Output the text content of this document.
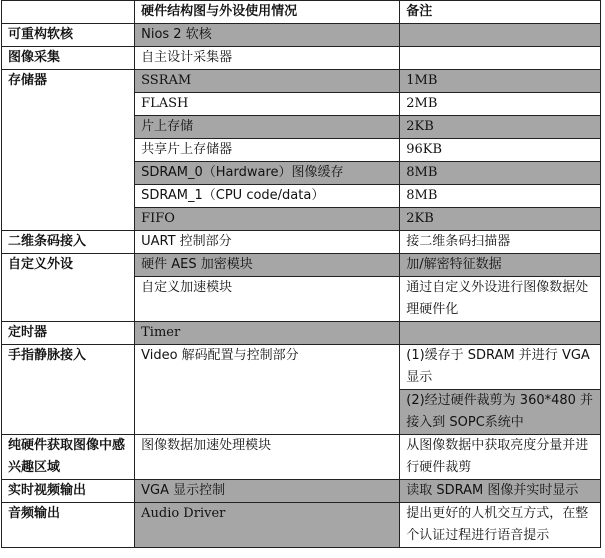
	硬件结构图与外设使用情况	备注
可重构软核	Nios 2 软核	
图像采集	自主设计采集器	
存储器	SSRAM	1MB
	FLASH	2MB
	片上存储	2KB
	共享片上存储器	96KB
	SDRAM_0（Hardware）图像缓存	8MB
	SDRAM_1（CPU code/data）	8MB
	FIFO	2KB
二维条码接入	UART 控制部分	接二维条码扫描器
自定义外设	硬件 AES 加密模块	加/解密特征数据
	自定义加速模块	通过自定义外设进行图像数据处理硬件化
定时器	Timer	
手指静脉接入	Video 解码配置与控制部分	(1)缓存于 SDRAM 并进行 VGA 显示
		(2)经过硬件裁剪为 360*480 并接入到 SOPC系统中
纯硬件获取图像中感兴趣区域	图像数据加速处理模块	从图像数据中获取亮度分量并进行硬件裁剪
实时视频输出	VGA 显示控制	读取 SDRAM 图像并实时显示
音频输出	Audio Driver	提出更好的人机交互方式，在整个认证过程进行语音提示
